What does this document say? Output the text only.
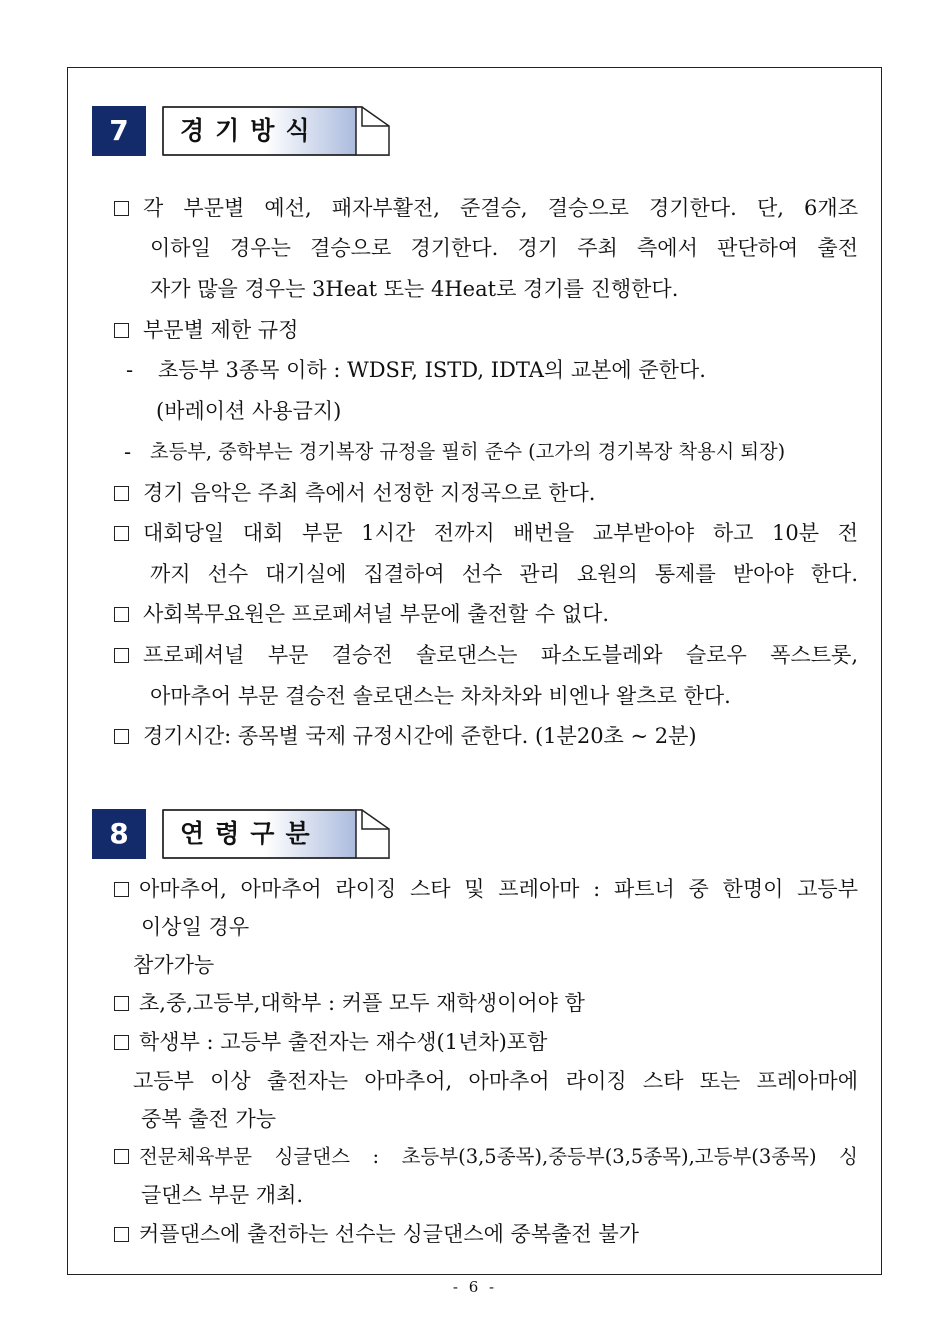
7	경기방식
각 부문별 예선, 패자부활전, 준결승, 결승으로 경기한다. 단, 6개조
이하일 경우는 결승으로 경기한다. 경기 주최 측에서 판단하여 출전
자가 많을 경우는 3Heat 또는 4Heat로 경기를 진행한다.
부문별 제한 규정
- 초등부 3종목 이하 : WDSF, ISTD, IDTA의 교본에 준한다.
(바레이션 사용금지)
- 초등부, 중학부는 경기복장 규정을 필히 준수 (고가의 경기복장 착용시 퇴장)
경기 음악은 주최 측에서 선정한 지정곡으로 한다.
대회당일 대회 부문 1시간 전까지 배번을 교부받아야 하고 10분 전
까지 선수 대기실에 집결하여 선수 관리 요원의 통제를 받아야 한다.
사회복무요원은 프로페셔널 부문에 출전할 수 없다.
프로페셔널 부문 결승전 솔로댄스는 파소도블레와 슬로우 폭스트롯,
아마추어 부문 결승전 솔로댄스는 차차차와 비엔나 왈츠로 한다.
경기시간: 종목별 국제 규정시간에 준한다. (1분20초 ~ 2분)
8	연령구분
아마추어, 아마추어 라이징 스타 및 프레아마 : 파트너 중 한명이 고등부
이상일 경우
참가가능
초,중,고등부,대학부 : 커플 모두 재학생이어야 함
학생부 : 고등부 출전자는 재수생(1년차)포함
고등부 이상 출전자는 아마추어, 아마추어 라이징 스타 또는 프레아마에
중복 출전 가능
전문체육부문 싱글댄스 : 초등부(3,5종목),중등부(3,5종목),고등부(3종목) 싱
글댄스 부문 개최.
커플댄스에 출전하는 선수는 싱글댄스에 중복출전 불가
- 6 -
